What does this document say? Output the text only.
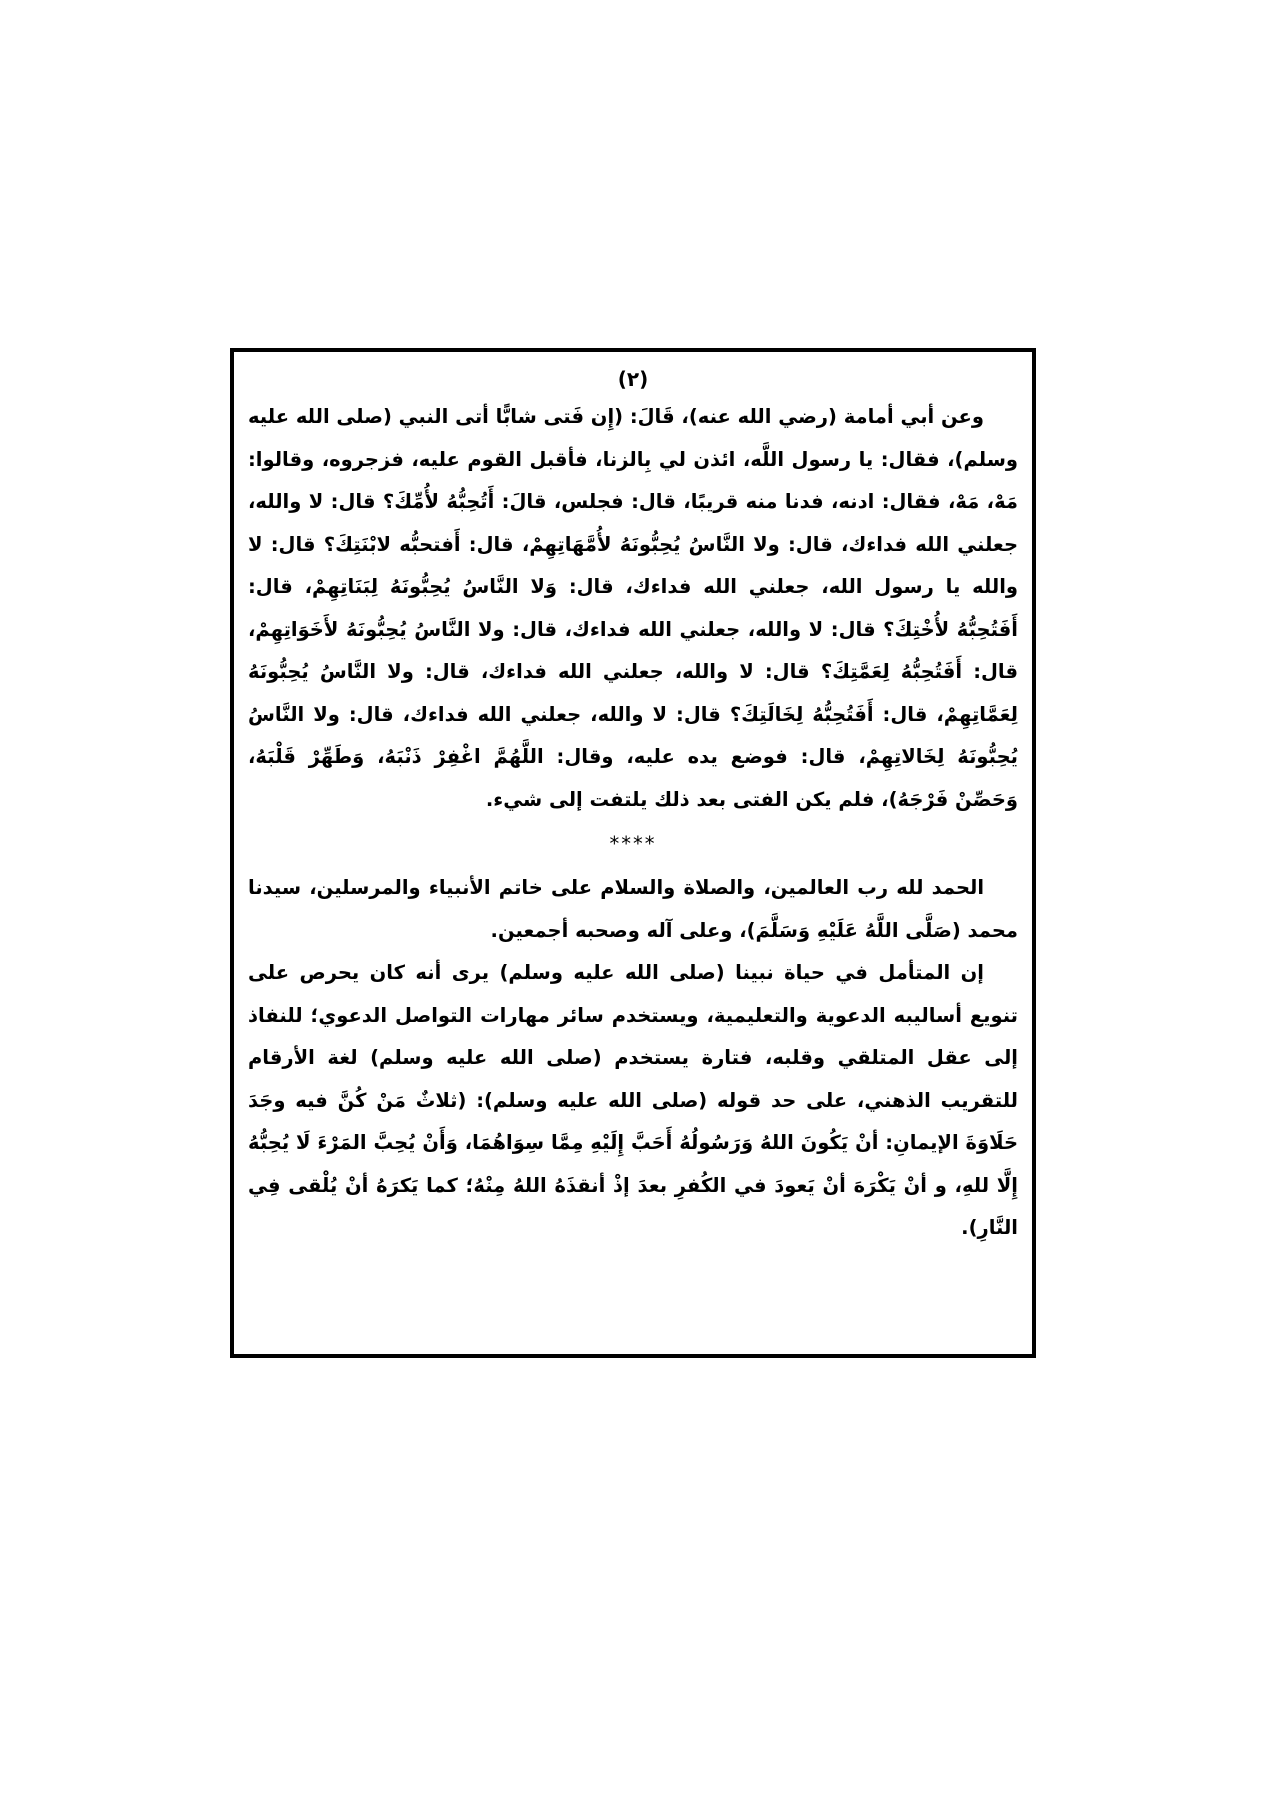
(٢)

وعن أبي أمامة (رضي الله عنه)، قَالَ: (إِن فَتى شابًّا أتى النبي (صلى الله عليه وسلم)، فقال: يا رسول اللَّه، ائذن لي بِالزنا، فأقبل القوم عليه، فزجروه، وقالوا: مَهْ، مَهْ، فقال: ادنه، فدنا منه قريبًا، قال: فجلس، قالَ: أَتُحِبُّهُ لأُمِّكَ؟ قال: لا والله، جعلني الله فداءك، قال: ولا النَّاسُ يُحِبُّونَهُ لأُمَّهَاتِهِمْ، قال: أَفتحبُّه لابْنَتِكَ؟ قال: لا والله يا رسول الله، جعلني الله فداءك، قال: وَلا النَّاسُ يُحِبُّونَهُ لِبَنَاتِهِمْ، قال: أَفَتُحِبُّهُ لأُخْتِكَ؟ قال: لا والله، جعلني الله فداءك، قال: ولا النَّاسُ يُحِبُّونَهُ لأَخَوَاتِهِمْ، قال: أَفَتُحِبُّهُ لِعَمَّتِكَ؟ قال: لا والله، جعلني الله فداءك، قال: ولا النَّاسُ يُحِبُّونَهُ لِعَمَّاتِهِمْ، قال: أَفَتُحِبُّهُ لِخَالَتِكَ؟ قال: لا والله، جعلني الله فداءك، قال: ولا النَّاسُ يُحِبُّونَهُ لِخَالاتِهِمْ، قال: فوضع يده عليه، وقال: اللَّهُمَّ اغْفِرْ ذَنْبَهُ، وَطَهِّرْ قَلْبَهُ، وَحَصِّنْ فَرْجَهُ)، فلم يكن الفتى بعد ذلك يلتفت إلى شيء.

****

الحمد لله رب العالمين، والصلاة والسلام على خاتم الأنبياء والمرسلين، سيدنا محمد (صَلَّى اللَّهُ عَلَيْهِ وَسَلَّمَ)، وعلى آله وصحبه أجمعين.

إن المتأمل في حياة نبينا (صلى الله عليه وسلم) يرى أنه كان يحرص على تنويع أساليبه الدعوية والتعليمية، ويستخدم سائر مهارات التواصل الدعوي؛ للنفاذ إلى عقل المتلقي وقلبه، فتارة يستخدم (صلى الله عليه وسلم) لغة الأرقام للتقريب الذهني، على حد قوله (صلى الله عليه وسلم): (ثلاثٌ مَنْ كُنَّ فيه وجَدَ حَلَاوَةَ الإيمانِ: أنْ يَكُونَ اللهُ وَرَسُولُهُ أَحَبَّ إِلَيْهِ مِمَّا سِوَاهُمَا، وَأَنْ يُحِبَّ المَرْءَ لَا يُحِبُّهُ إِلَّا للهِ، و أنْ يَكْرَهَ أنْ يَعودَ في الكُفرِ بعدَ إذْ أنقذَهُ اللهُ مِنْهُ؛ كما يَكرَهُ أنْ يُلْقى فِي النَّارِ).
